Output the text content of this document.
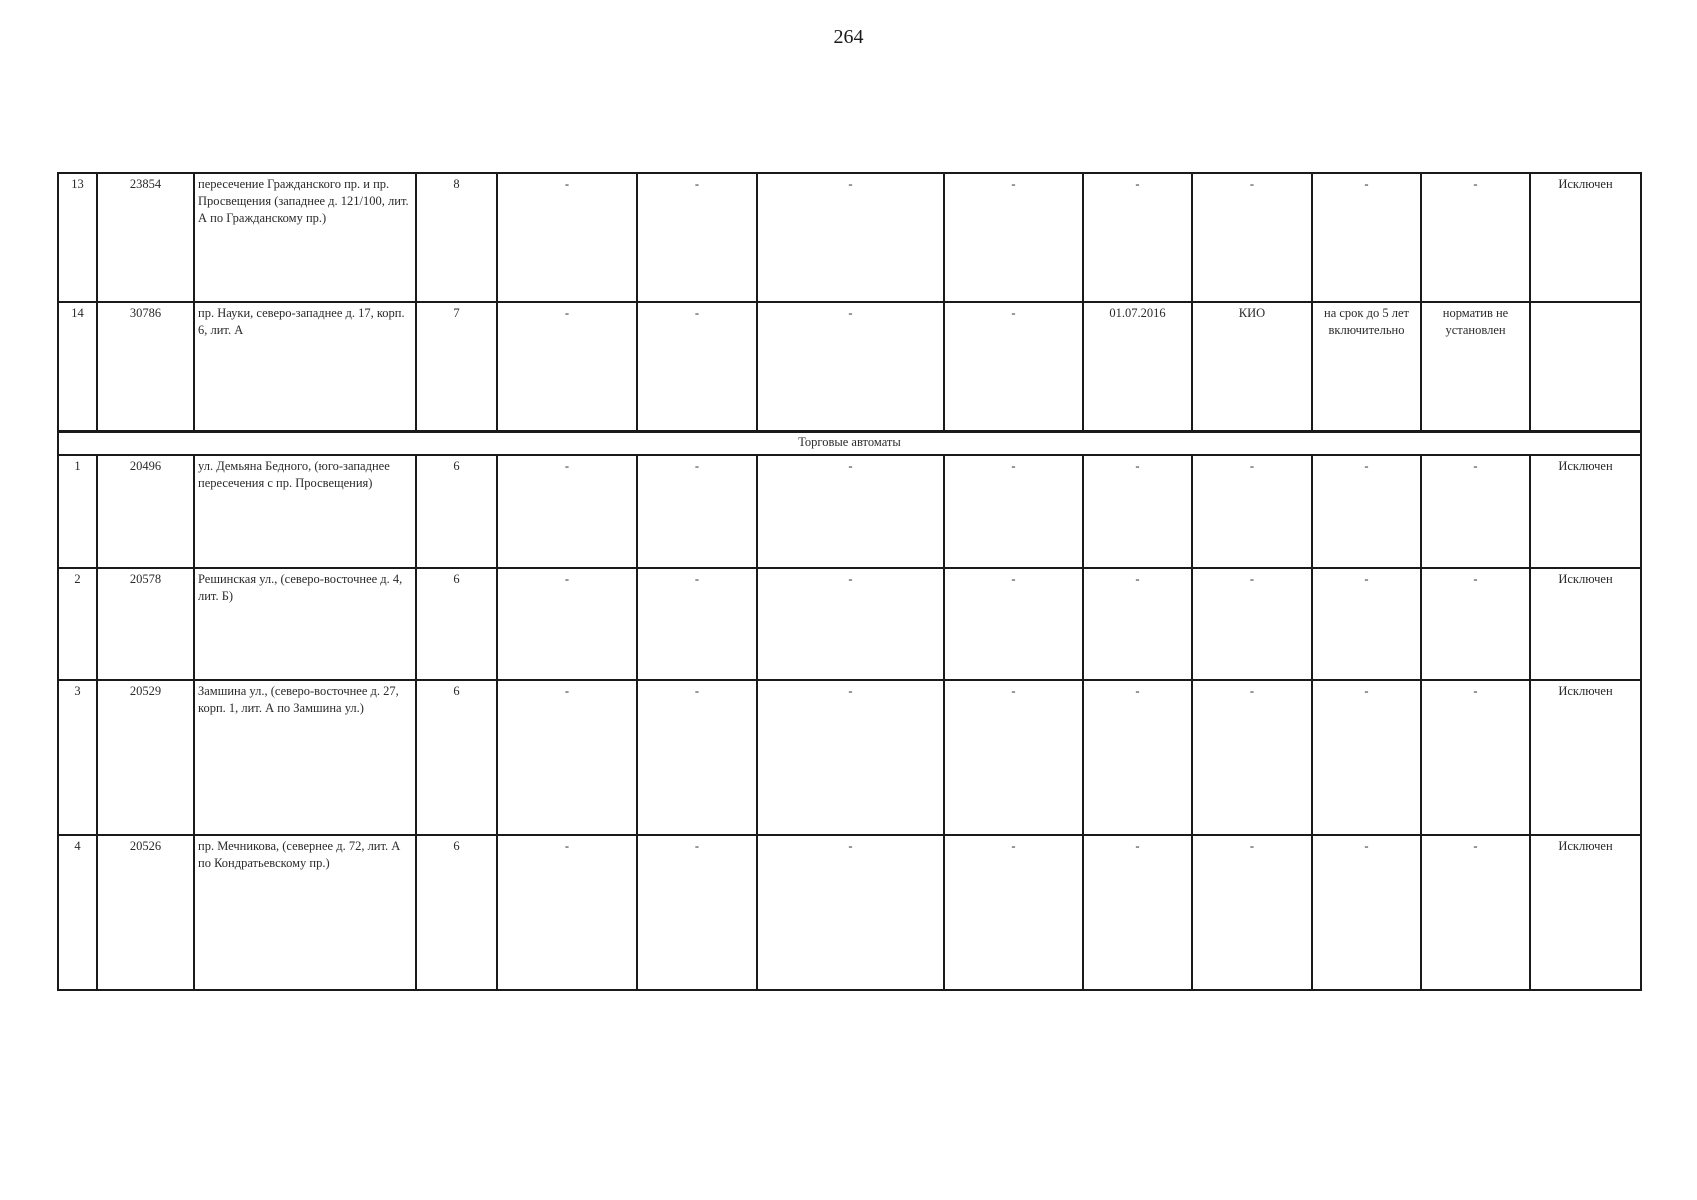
264
13	23854	пересечение Гражданского пр. и пр. Просвещения (западнее д. 121/100, лит. А по Гражданскому пр.)	8	-	-	-	-	-	-	-	-	Исключен
14	30786	пр. Науки, северо-западнее д. 17, корп. 6, лит. А	7	-	-	-	-	01.07.2016	КИО	на срок до 5 лет включительно	норматив не установлен	
Торговые автоматы												
1	20496	ул. Демьяна Бедного, (юго-западнее пересечения с пр. Просвещения)	6	-	-	-	-	-	-	-	-	Исключен
2	20578	Решинская ул., (северо-восточнее д. 4, лит. Б)	6	-	-	-	-	-	-	-	-	Исключен
3	20529	Замшина ул., (северо-восточнее д. 27, корп. 1, лит. А по Замшина ул.)	6	-	-	-	-	-	-	-	-	Исключен
4	20526	пр. Мечникова, (севернее д. 72, лит. А по Кондратьевскому пр.)	6	-	-	-	-	-	-	-	-	Исключен
